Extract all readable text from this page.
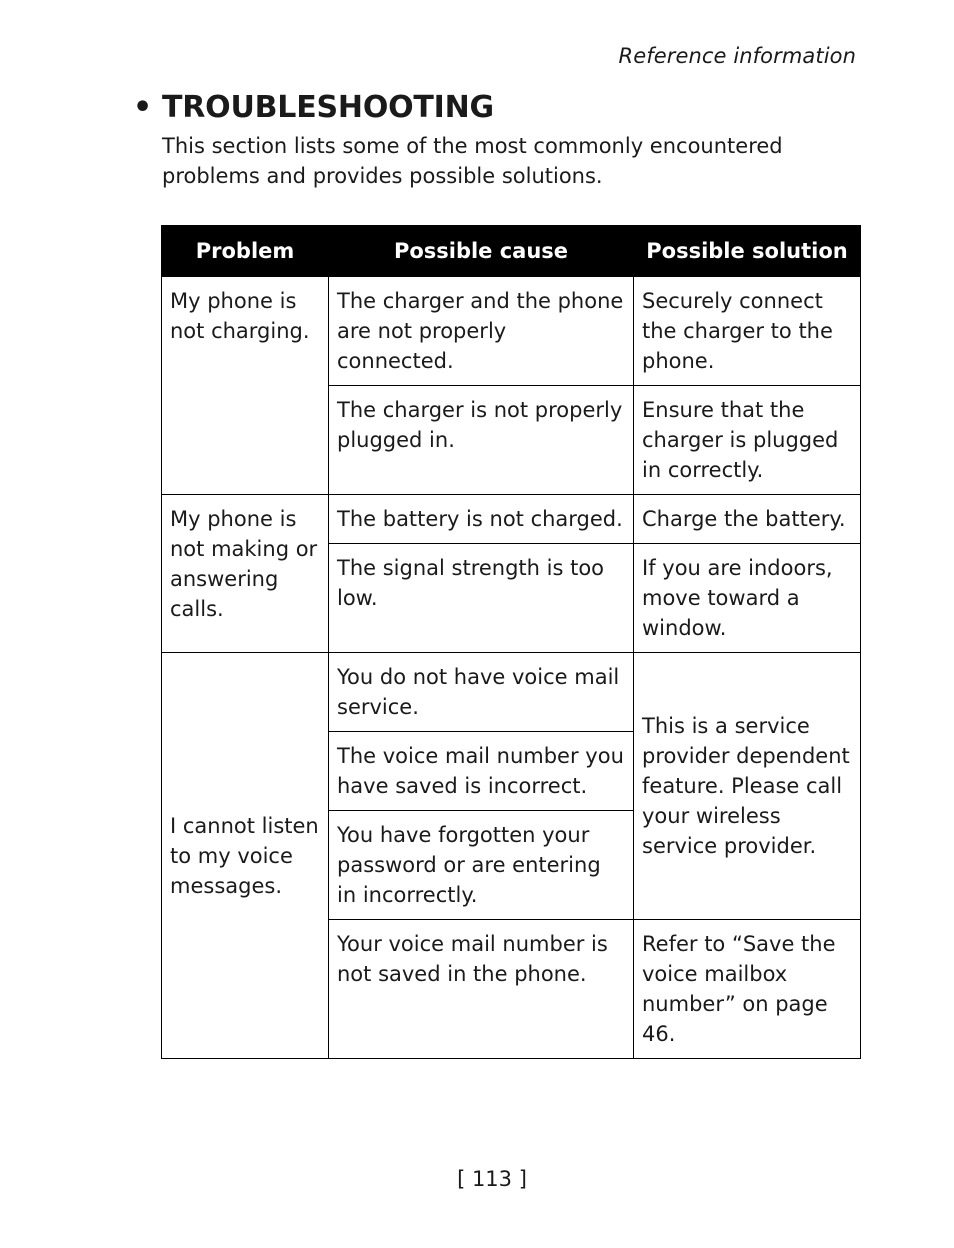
Reference information
• TROUBLESHOOTING
This section lists some of the most commonly encountered problems and provides possible solutions.
Problem	Possible cause	Possible solution
My phone is not charging.	The charger and the phone are not properly connected.	Securely connect the charger to the phone.
	The charger is not properly plugged in.	Ensure that the charger is plugged in correctly.
My phone is not making or answering calls.	The battery is not charged.	Charge the battery.
	The signal strength is too low.	If you are indoors, move toward a window.
I cannot listen to my voice messages.	You do not have voice mail service.	This is a service provider dependent feature. Please call your wireless service provider.
	The voice mail number you have saved is incorrect.	
	You have forgotten your password or are entering in incorrectly.	
	Your voice mail number is not saved in the phone.	Refer to “Save the voice mailbox number” on page 46.
[ 113 ]
